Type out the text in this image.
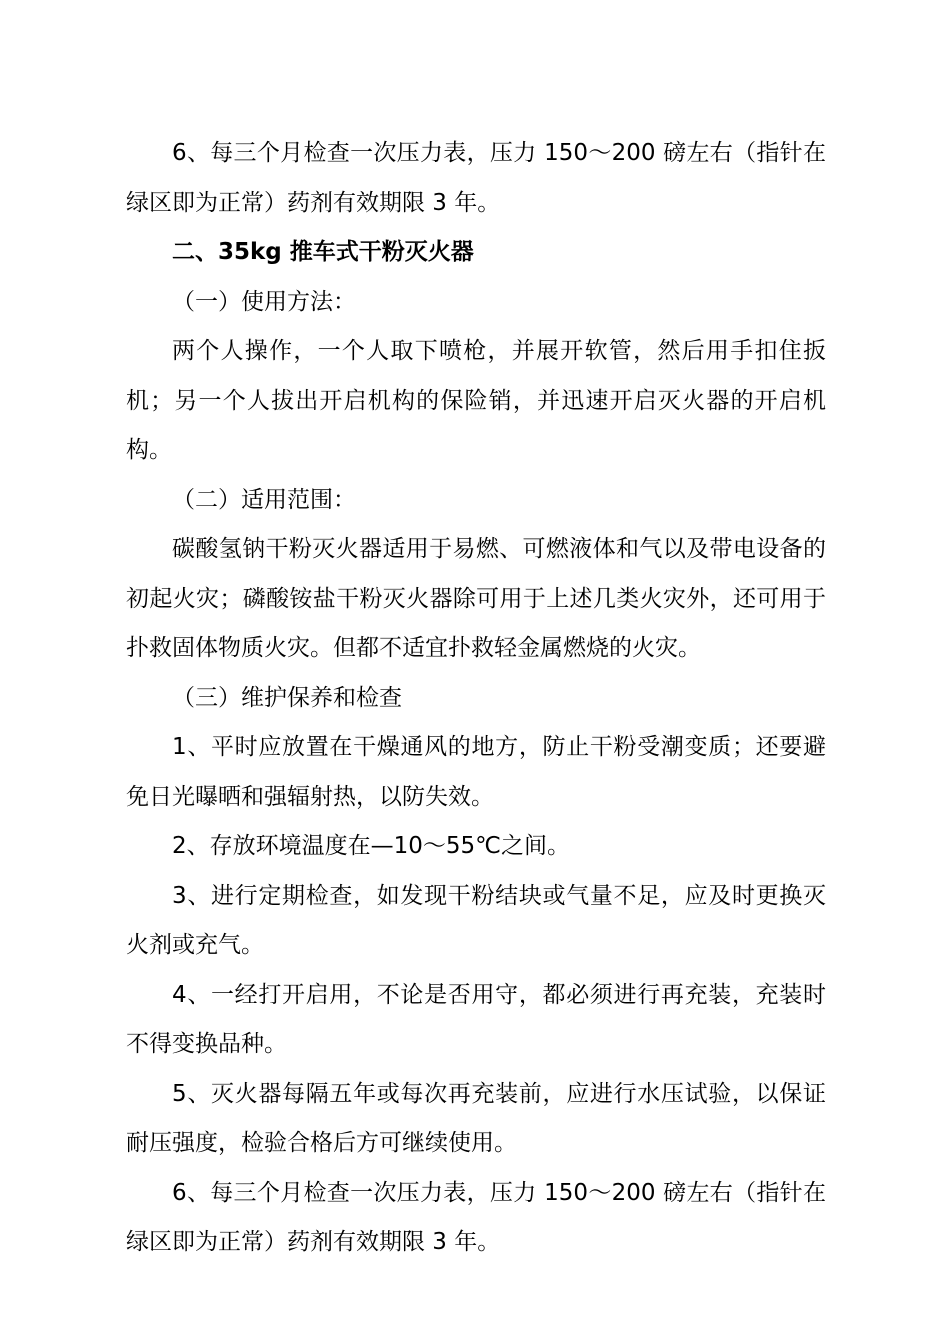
6、每三个月检查一次压力表，压力 150～200 磅左右（指针在绿区即为正常）药剂有效期限 3 年。

二、35kg 推车式干粉灭火器

（一）使用方法：

两个人操作，一个人取下喷枪，并展开软管，然后用手扣住扳机；另一个人拔出开启机构的保险销，并迅速开启灭火器的开启机构。

（二）适用范围：

碳酸氢钠干粉灭火器适用于易燃、可燃液体和气以及带电设备的初起火灾；磷酸铵盐干粉灭火器除可用于上述几类火灾外，还可用于扑救固体物质火灾。但都不适宜扑救轻金属燃烧的火灾。

（三）维护保养和检查

1、平时应放置在干燥通风的地方，防止干粉受潮变质；还要避免日光曝晒和强辐射热，以防失效。

2、存放环境温度在—10～55℃之间。

3、进行定期检查，如发现干粉结块或气量不足，应及时更换灭火剂或充气。

4、一经打开启用，不论是否用守，都必须进行再充装，充装时不得变换品种。

5、灭火器每隔五年或每次再充装前，应进行水压试验，以保证耐压强度，检验合格后方可继续使用。

6、每三个月检查一次压力表，压力 150～200 磅左右（指针在绿区即为正常）药剂有效期限 3 年。
